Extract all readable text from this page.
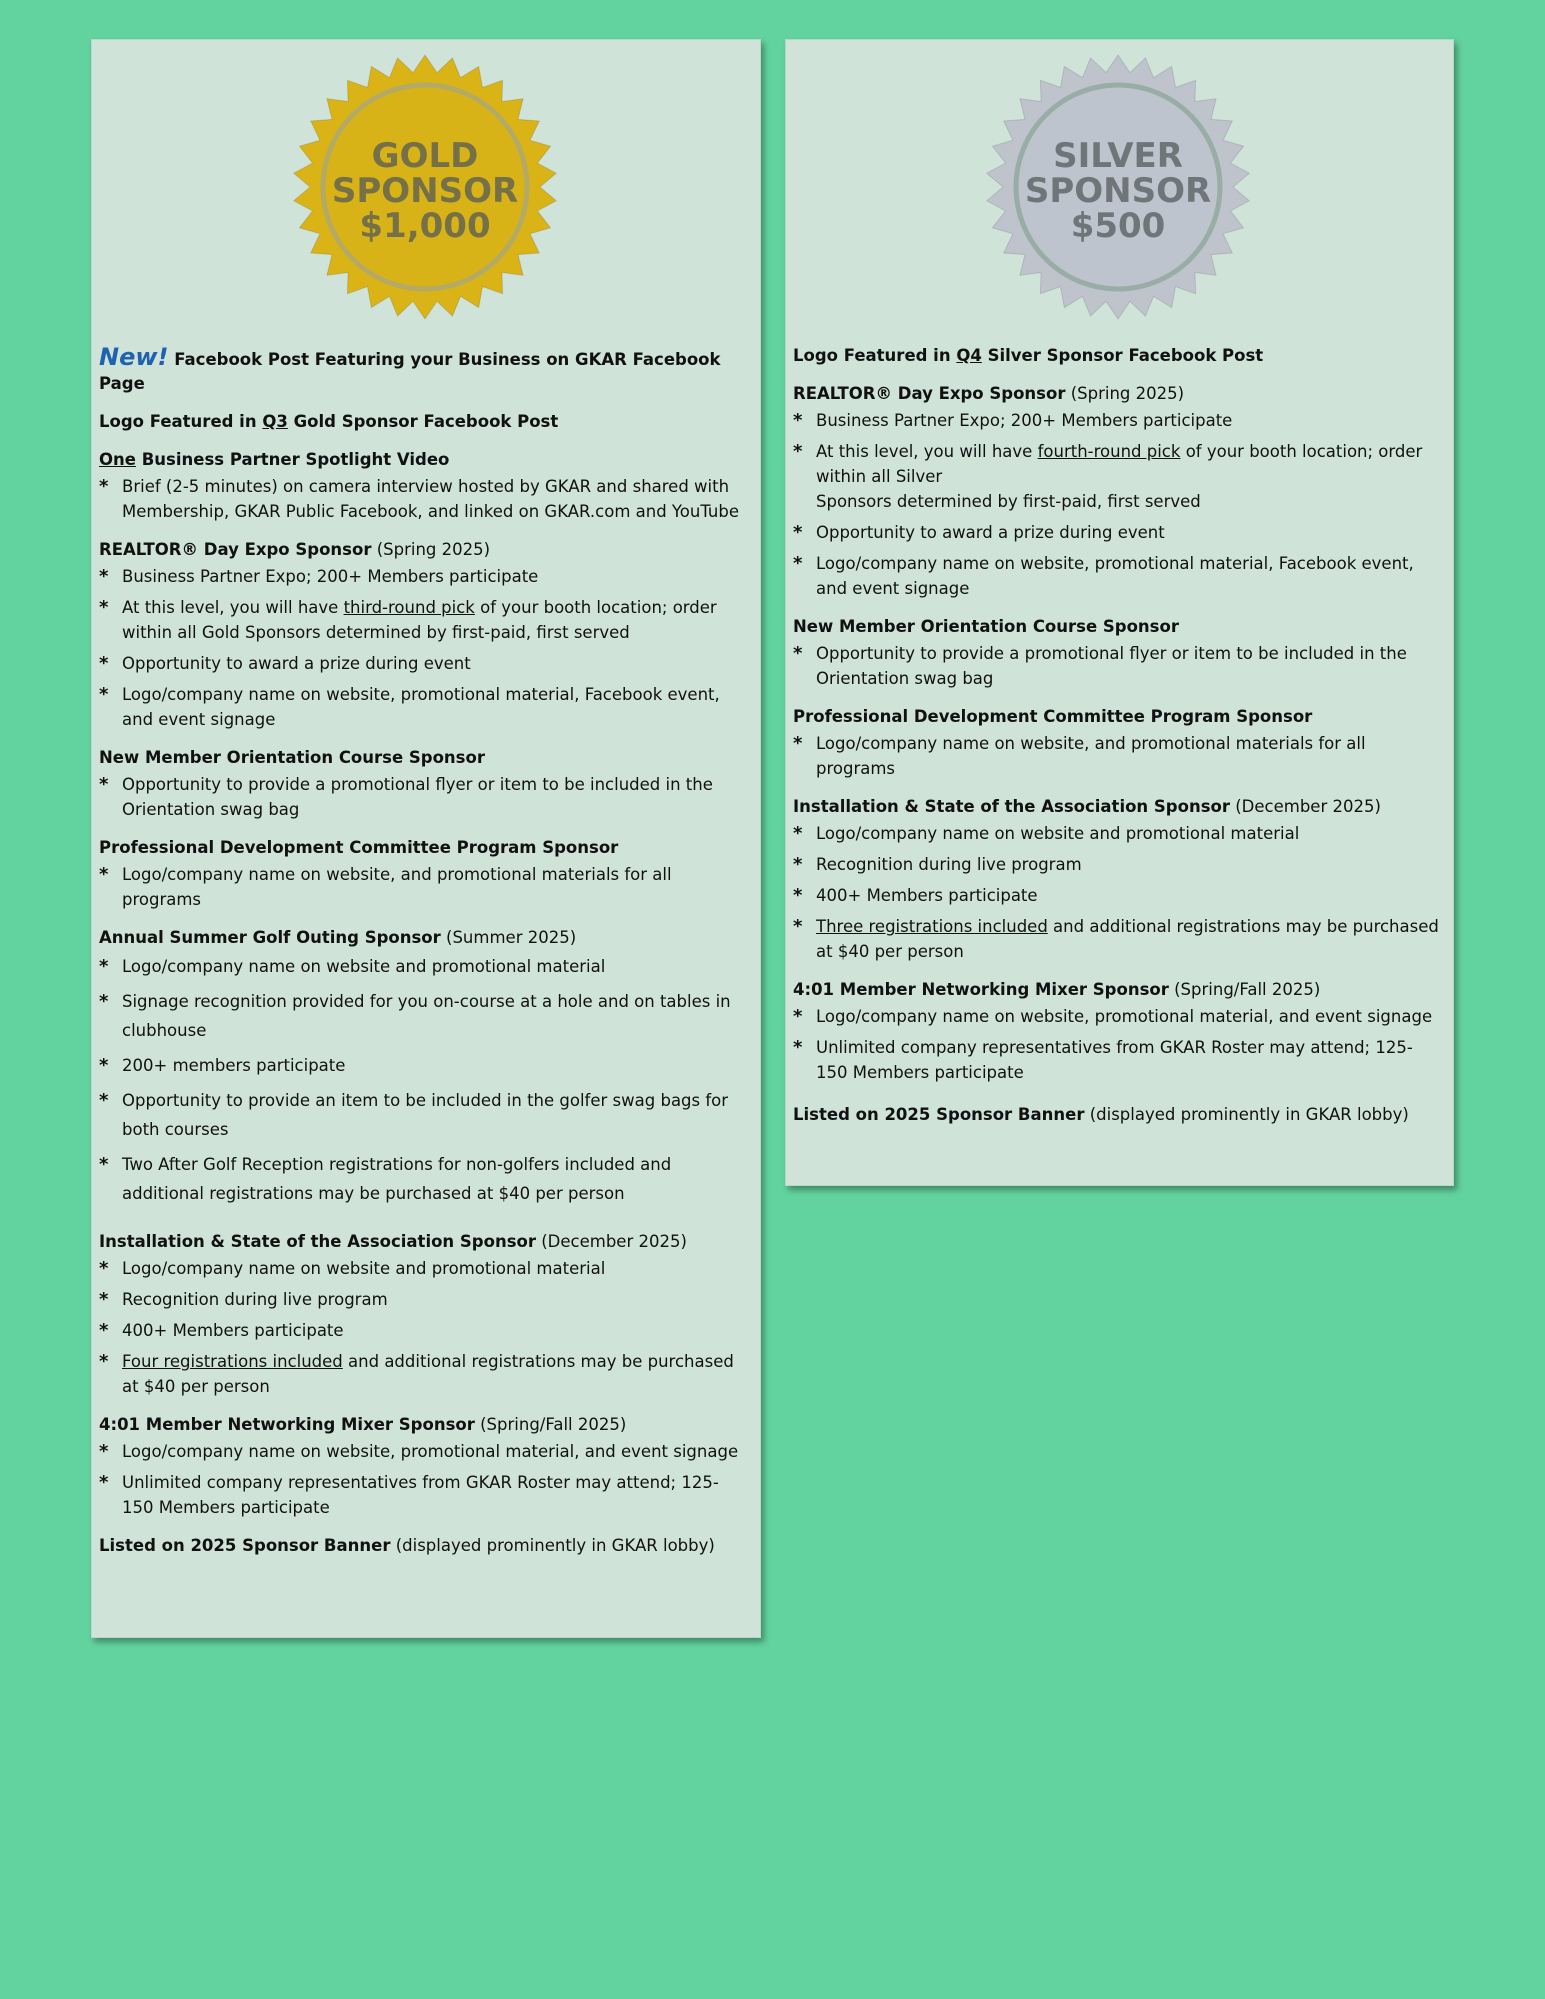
GOLD
SPONSOR
$1,000
New! Facebook Post Featuring your Business on GKAR Facebook Page
Logo Featured in Q3 Gold Sponsor Facebook Post
One Business Partner Spotlight Video
* Brief (2-5 minutes) on camera interview hosted by GKAR and shared with Membership, GKAR Public Facebook, and linked on GKAR.com and YouTube
REALTOR® Day Expo Sponsor (Spring 2025)
* Business Partner Expo; 200+ Members participate
* At this level, you will have third-round pick of your booth location; order within all Gold Sponsors determined by first-paid, first served
* Opportunity to award a prize during event
* Logo/company name on website, promotional material, Facebook event, and event signage
New Member Orientation Course Sponsor
* Opportunity to provide a promotional flyer or item to be included in the Orientation swag bag
Professional Development Committee Program Sponsor
* Logo/company name on website, and promotional materials for all programs
Annual Summer Golf Outing Sponsor (Summer 2025)
* Logo/company name on website and promotional material
* Signage recognition provided for you on-course at a hole and on tables in clubhouse
* 200+ members participate
* Opportunity to provide an item to be included in the golfer swag bags for both courses
* Two After Golf Reception registrations for non-golfers included and additional registrations may be purchased at $40 per person
Installation & State of the Association Sponsor (December 2025)
* Logo/company name on website and promotional material
* Recognition during live program
* 400+ Members participate
* Four registrations included and additional registrations may be purchased at $40 per person
4:01 Member Networking Mixer Sponsor (Spring/Fall 2025)
* Logo/company name on website, promotional material, and event signage
* Unlimited company representatives from GKAR Roster may attend; 125-150 Members participate
Listed on 2025 Sponsor Banner (displayed prominently in GKAR lobby)
SILVER
SPONSOR
$500
Logo Featured in Q4 Silver Sponsor Facebook Post
REALTOR® Day Expo Sponsor (Spring 2025)
* Business Partner Expo; 200+ Members participate
* At this level, you will have fourth-round pick of your booth location; order within all Silver
Sponsors determined by first-paid, first served
* Opportunity to award a prize during event
* Logo/company name on website, promotional material, Facebook event, and event signage
New Member Orientation Course Sponsor
* Opportunity to provide a promotional flyer or item to be included in the Orientation swag bag
Professional Development Committee Program Sponsor
* Logo/company name on website, and promotional materials for all programs
Installation & State of the Association Sponsor (December 2025)
* Logo/company name on website and promotional material
* Recognition during live program
* 400+ Members participate
* Three registrations included and additional registrations may be purchased at $40 per person
4:01 Member Networking Mixer Sponsor (Spring/Fall 2025)
* Logo/company name on website, promotional material, and event signage
* Unlimited company representatives from GKAR Roster may attend; 125-150 Members participate
Listed on 2025 Sponsor Banner (displayed prominently in GKAR lobby)
